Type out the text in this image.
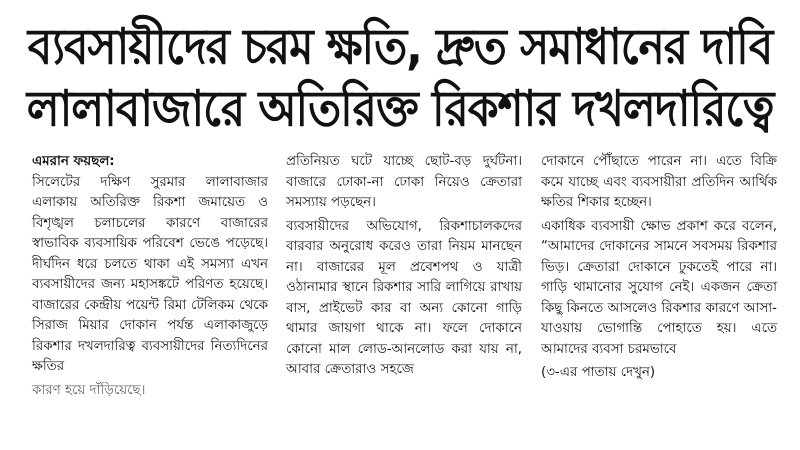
ব্যবসায়ীদের চরম ক্ষতি, দ্রুত সমাধানের দাবি
লালাবাজারে অতিরিক্ত রিকশার দখলদারিত্বে
এমরান ফয়ছল:

সিলেটের দক্ষিণ সুরমার লালাবাজার এলাকায় অতিরিক্ত রিকশা জমায়েত ও বিশৃঙ্খল চলাচলের কারণে বাজারের স্বাভাবিক ব্যবসায়িক পরিবেশ ভেঙে পড়েছে। দীর্ঘদিন ধরে চলতে থাকা এই সমস্যা এখন ব্যবসায়ীদের জন্য মহাসঙ্কটে পরিণত হয়েছে। বাজারের কেন্দ্রীয় পয়েন্ট রিমা টেলিকম থেকে সিরাজ মিয়ার দোকান পর্যন্ত এলাকাজুড়ে রিকশার দখলদারিত্ব ব্যবসায়ীদের নিত্যদিনের ক্ষতির

কারণ হয়ে দাঁড়িয়েছে।

প্রতিনিয়ত ঘটে যাচ্ছে ছোট-বড় দুর্ঘটনা। বাজারে ঢোকা-না ঢোকা নিয়েও ক্রেতারা সমস্যায় পড়ছেন।

ব্যবসায়ীদের অভিযোগ, রিকশাচালকদের বারবার অনুরোধ করেও তারা নিয়ম মানছেন না। বাজারের মূল প্রবেশপথ ও যাত্রী ওঠানামার স্থানে রিকশার সারি লাগিয়ে রাখায় বাস, প্রাইভেট কার বা অন্য কোনো গাড়ি থামার জায়গা থাকে না। ফলে দোকানে কোনো মাল লোড-আনলোড করা যায় না, আবার ক্রেতারাও সহজে

দোকানে পৌঁছাতে পারেন না। এতে বিক্রি কমে যাচ্ছে এবং ব্যবসায়ীরা প্রতিদিন আর্থিক ক্ষতির শিকার হচ্ছেন।

একাধিক ব্যবসায়ী ক্ষোভ প্রকাশ করে বলেন, “আমাদের দোকানের সামনে সবসময় রিকশার ভিড়। ক্রেতারা দোকানে ঢুকতেই পারে না। গাড়ি থামানোর সুযোগ নেই। একজন ক্রেতা কিছু কিনতে আসলেও রিকশার কারণে আসা-যাওয়ায় ভোগান্তি পোহাতে হয়। এতে আমাদের ব্যবসা চরমভাবে

(৩-এর পাতায় দেখুন)
